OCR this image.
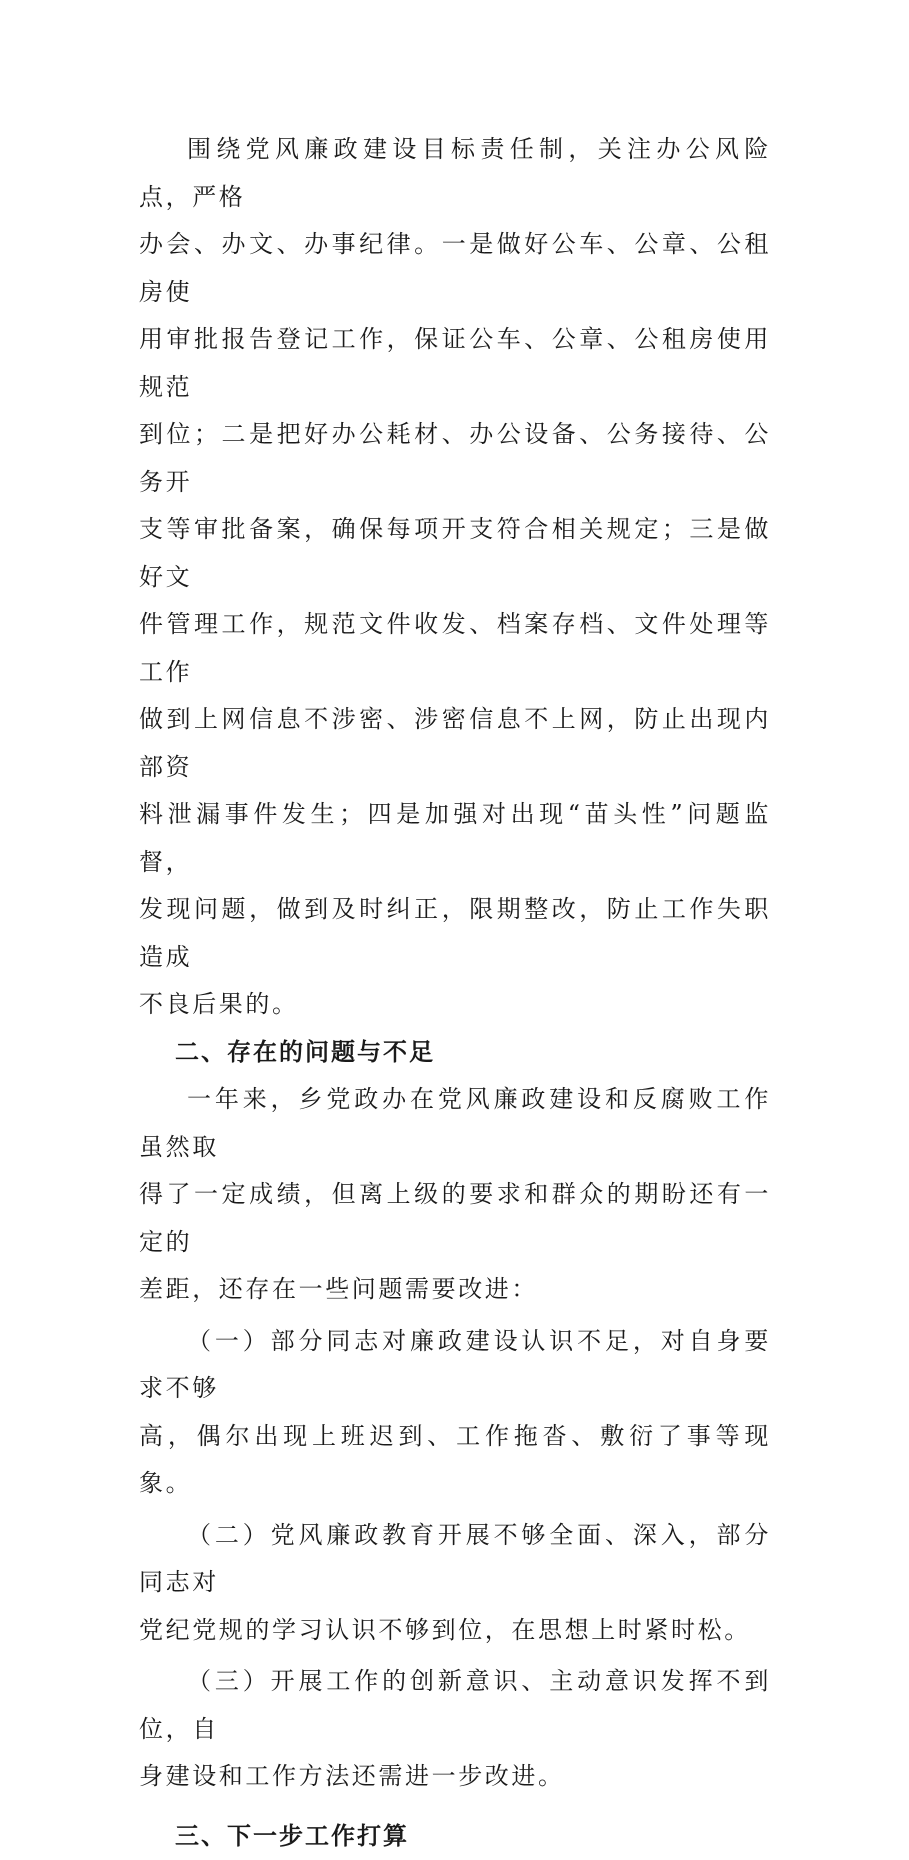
围绕党风廉政建设目标责任制，关注办公风险点，严格
办会、办文、办事纪律。一是做好公车、公章、公租房使
用审批报告登记工作，保证公车、公章、公租房使用规范
到位；二是把好办公耗材、办公设备、公务接待、公务开
支等审批备案，确保每项开支符合相关规定；三是做好文
件管理工作，规范文件收发、档案存档、文件处理等工作
做到上网信息不涉密、涉密信息不上网，防止出现内部资
料泄漏事件发生；四是加强对出现“苗头性”问题监督，
发现问题，做到及时纠正，限期整改，防止工作失职造成
不良后果的。

二、存在的问题与不足

一年来，乡党政办在党风廉政建设和反腐败工作虽然取
得了一定成绩，但离上级的要求和群众的期盼还有一定的
差距，还存在一些问题需要改进：

（一）部分同志对廉政建设认识不足，对自身要求不够
高，偶尔出现上班迟到、工作拖沓、敷衍了事等现象。

（二）党风廉政教育开展不够全面、深入，部分同志对
党纪党规的学习认识不够到位，在思想上时紧时松。

（三）开展工作的创新意识、主动意识发挥不到位，自
身建设和工作方法还需进一步改进。

三、下一步工作打算
